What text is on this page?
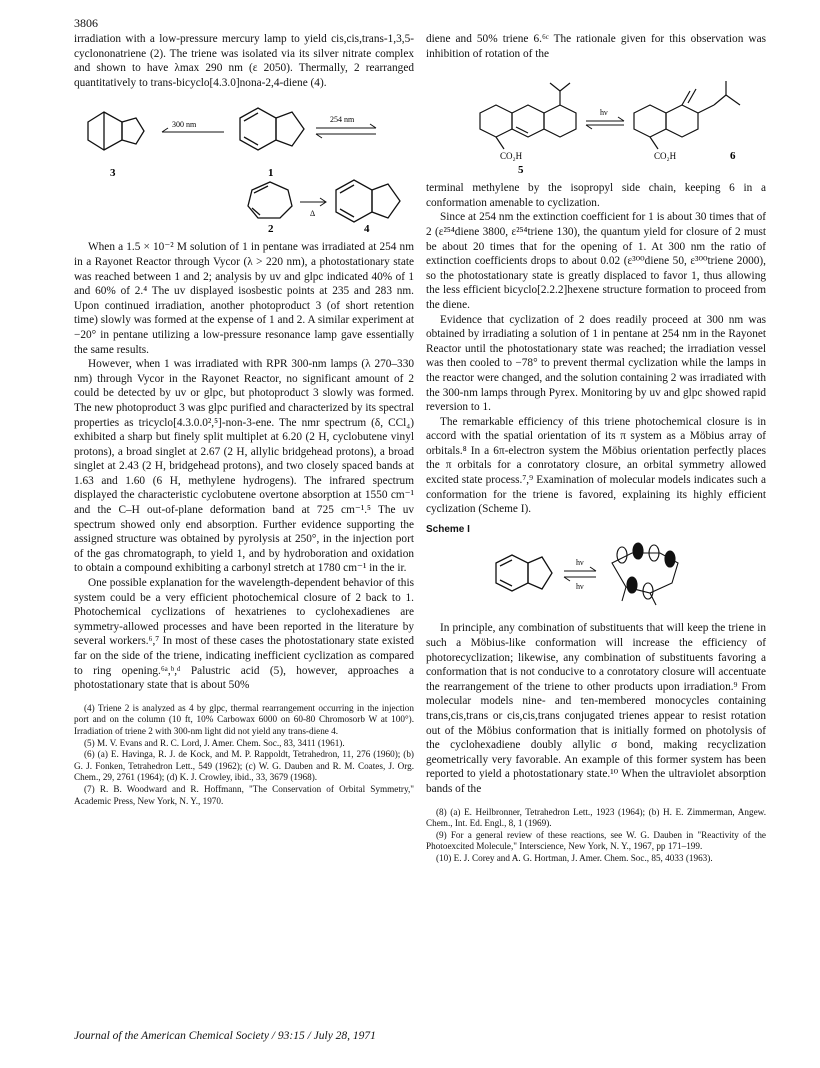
3806

irradiation with a low-pressure mercury lamp to yield cis,cis,trans-1,3,5-cyclononatriene (2). The triene was isolated via its silver nitrate complex and shown to have λmax 290 nm (ε 2050). Thermally, 2 rearranged quantitatively to trans-bicyclo[4.3.0]nona-2,4-diene (4).

3
300 nm
1
254 nm
2
Δ
4

When a 1.5 × 10⁻² M solution of 1 in pentane was irradiated at 254 nm in a Rayonet Reactor through Vycor (λ > 220 nm), a photostationary state was reached between 1 and 2; analysis by uv and glpc indicated 40% of 1 and 60% of 2.⁴ The uv displayed isosbestic points at 235 and 283 nm. Upon continued irradiation, another photoproduct 3 (of short retention time) slowly was formed at the expense of 1 and 2. A similar experiment at −20° in pentane utilizing a low-pressure resonance lamp gave essentially the same results.

However, when 1 was irradiated with RPR 300-nm lamps (λ 270–330 nm) through Vycor in the Rayonet Reactor, no significant amount of 2 could be detected by uv or glpc, but photoproduct 3 slowly was formed. The new photoproduct 3 was glpc purified and characterized by its spectral properties as tricyclo[4.3.0.0²,⁵]-non-3-ene. The nmr spectrum (δ, CCl₄) exhibited a sharp but finely split multiplet at 6.20 (2 H, cyclobutene vinyl protons), a broad singlet at 2.67 (2 H, allylic bridgehead protons), a broad singlet at 2.43 (2 H, bridgehead protons), and two closely spaced bands at 1.63 and 1.60 (6 H, methylene hydrogens). The infrared spectrum displayed the characteristic cyclobutene overtone absorption at 1550 cm⁻¹ and the C–H out-of-plane deformation band at 725 cm⁻¹.⁵ The uv spectrum showed only end absorption. Further evidence supporting the assigned structure was obtained by pyrolysis at 250°, in the injection port of the gas chromatograph, to yield 1, and by hydroboration and oxidation to obtain a compound exhibiting a carbonyl stretch at 1780 cm⁻¹ in the ir.

One possible explanation for the wavelength-dependent behavior of this system could be a very efficient photochemical closure of 2 back to 1. Photochemical cyclizations of hexatrienes to cyclohexadienes are symmetry-allowed processes and have been reported in the literature by several workers.⁶,⁷ In most of these cases the photostationary state existed far on the side of the triene, indicating inefficient cyclization as compared to ring opening.⁶ᵃ,ᵇ,ᵈ Palustric acid (5), however, approaches a photostationary state that is about 50%

(4) Triene 2 is analyzed as 4 by glpc, thermal rearrangement occurring in the injection port and on the column (10 ft, 10% Carbowax 6000 on 60-80 Chromosorb W at 100°). Irradiation of triene 2 with 300-nm light did not yield any trans-diene 4.

(5) M. V. Evans and R. C. Lord, J. Amer. Chem. Soc., 83, 3411 (1961).

(6) (a) E. Havinga, R. J. de Kock, and M. P. Rappoldt, Tetrahedron, 11, 276 (1960); (b) G. J. Fonken, Tetrahedron Lett., 549 (1962); (c) W. G. Dauben and R. M. Coates, J. Org. Chem., 29, 2761 (1964); (d) K. J. Crowley, ibid., 33, 3679 (1968).

(7) R. B. Woodward and R. Hoffmann, "The Conservation of Orbital Symmetry," Academic Press, New York, N. Y., 1970.

diene and 50% triene 6.⁶ᶜ The rationale given for this observation was inhibition of rotation of the

CO₂H
5
hν
CO₂H	6

terminal methylene by the isopropyl side chain, keeping 6 in a conformation amenable to cyclization.

Since at 254 nm the extinction coefficient for 1 is about 30 times that of 2 (ε²⁵⁴diene 3800, ε²⁵⁴triene 130), the quantum yield for closure of 2 must be about 20 times that for the opening of 1. At 300 nm the ratio of extinction coefficients drops to about 0.02 (ε³⁰⁰diene 50, ε³⁰⁰triene 2000), so the photostationary state is greatly displaced to favor 1, thus allowing the less efficient bicyclo[2.2.2]hexene structure formation to proceed from the diene.

Evidence that cyclization of 2 does readily proceed at 300 nm was obtained by irradiating a solution of 1 in pentane at 254 nm in the Rayonet Reactor until the photostationary state was reached; the irradiation vessel was then cooled to −78° to prevent thermal cyclization while the lamps in the reactor were changed, and the solution containing 2 was irradiated with the 300-nm lamps through Pyrex. Monitoring by uv and glpc showed rapid reversion to 1.

The remarkable efficiency of this triene photochemical closure is in accord with the spatial orientation of its π system as a Möbius array of orbitals.⁸ In a 6π-electron system the Möbius orientation perfectly places the π orbitals for a conrotatory closure, an orbital symmetry allowed excited state process.⁷,⁹ Examination of molecular models indicates such a conformation for the triene is favored, explaining its highly efficient cyclization (Scheme I).

Scheme I
hν
hν

In principle, any combination of substituents that will keep the triene in such a Möbius-like conformation will increase the efficiency of photorecyclization; likewise, any combination of substituents favoring a conformation that is not conducive to a conrotatory closure will accentuate the rearrangement of the triene to other products upon irradiation.⁹ From molecular models nine- and ten-membered monocycles containing trans,cis,trans or cis,cis,trans conjugated trienes appear to resist rotation out of the Möbius conformation that is initially formed on photolysis of the cyclohexadiene doubly allylic σ bond, making recyclization geometrically very favorable. An example of this former system has been reported to yield a photostationary state.¹⁰ When the ultraviolet absorption bands of the

(8) (a) E. Heilbronner, Tetrahedron Lett., 1923 (1964); (b) H. E. Zimmerman, Angew. Chem., Int. Ed. Engl., 8, 1 (1969).

(9) For a general review of these reactions, see W. G. Dauben in "Reactivity of the Photoexcited Molecule," Interscience, New York, N. Y., 1967, pp 171–199.

(10) E. J. Corey and A. G. Hortman, J. Amer. Chem. Soc., 85, 4033 (1963).

Journal of the American Chemical Society / 93:15 / July 28, 1971
